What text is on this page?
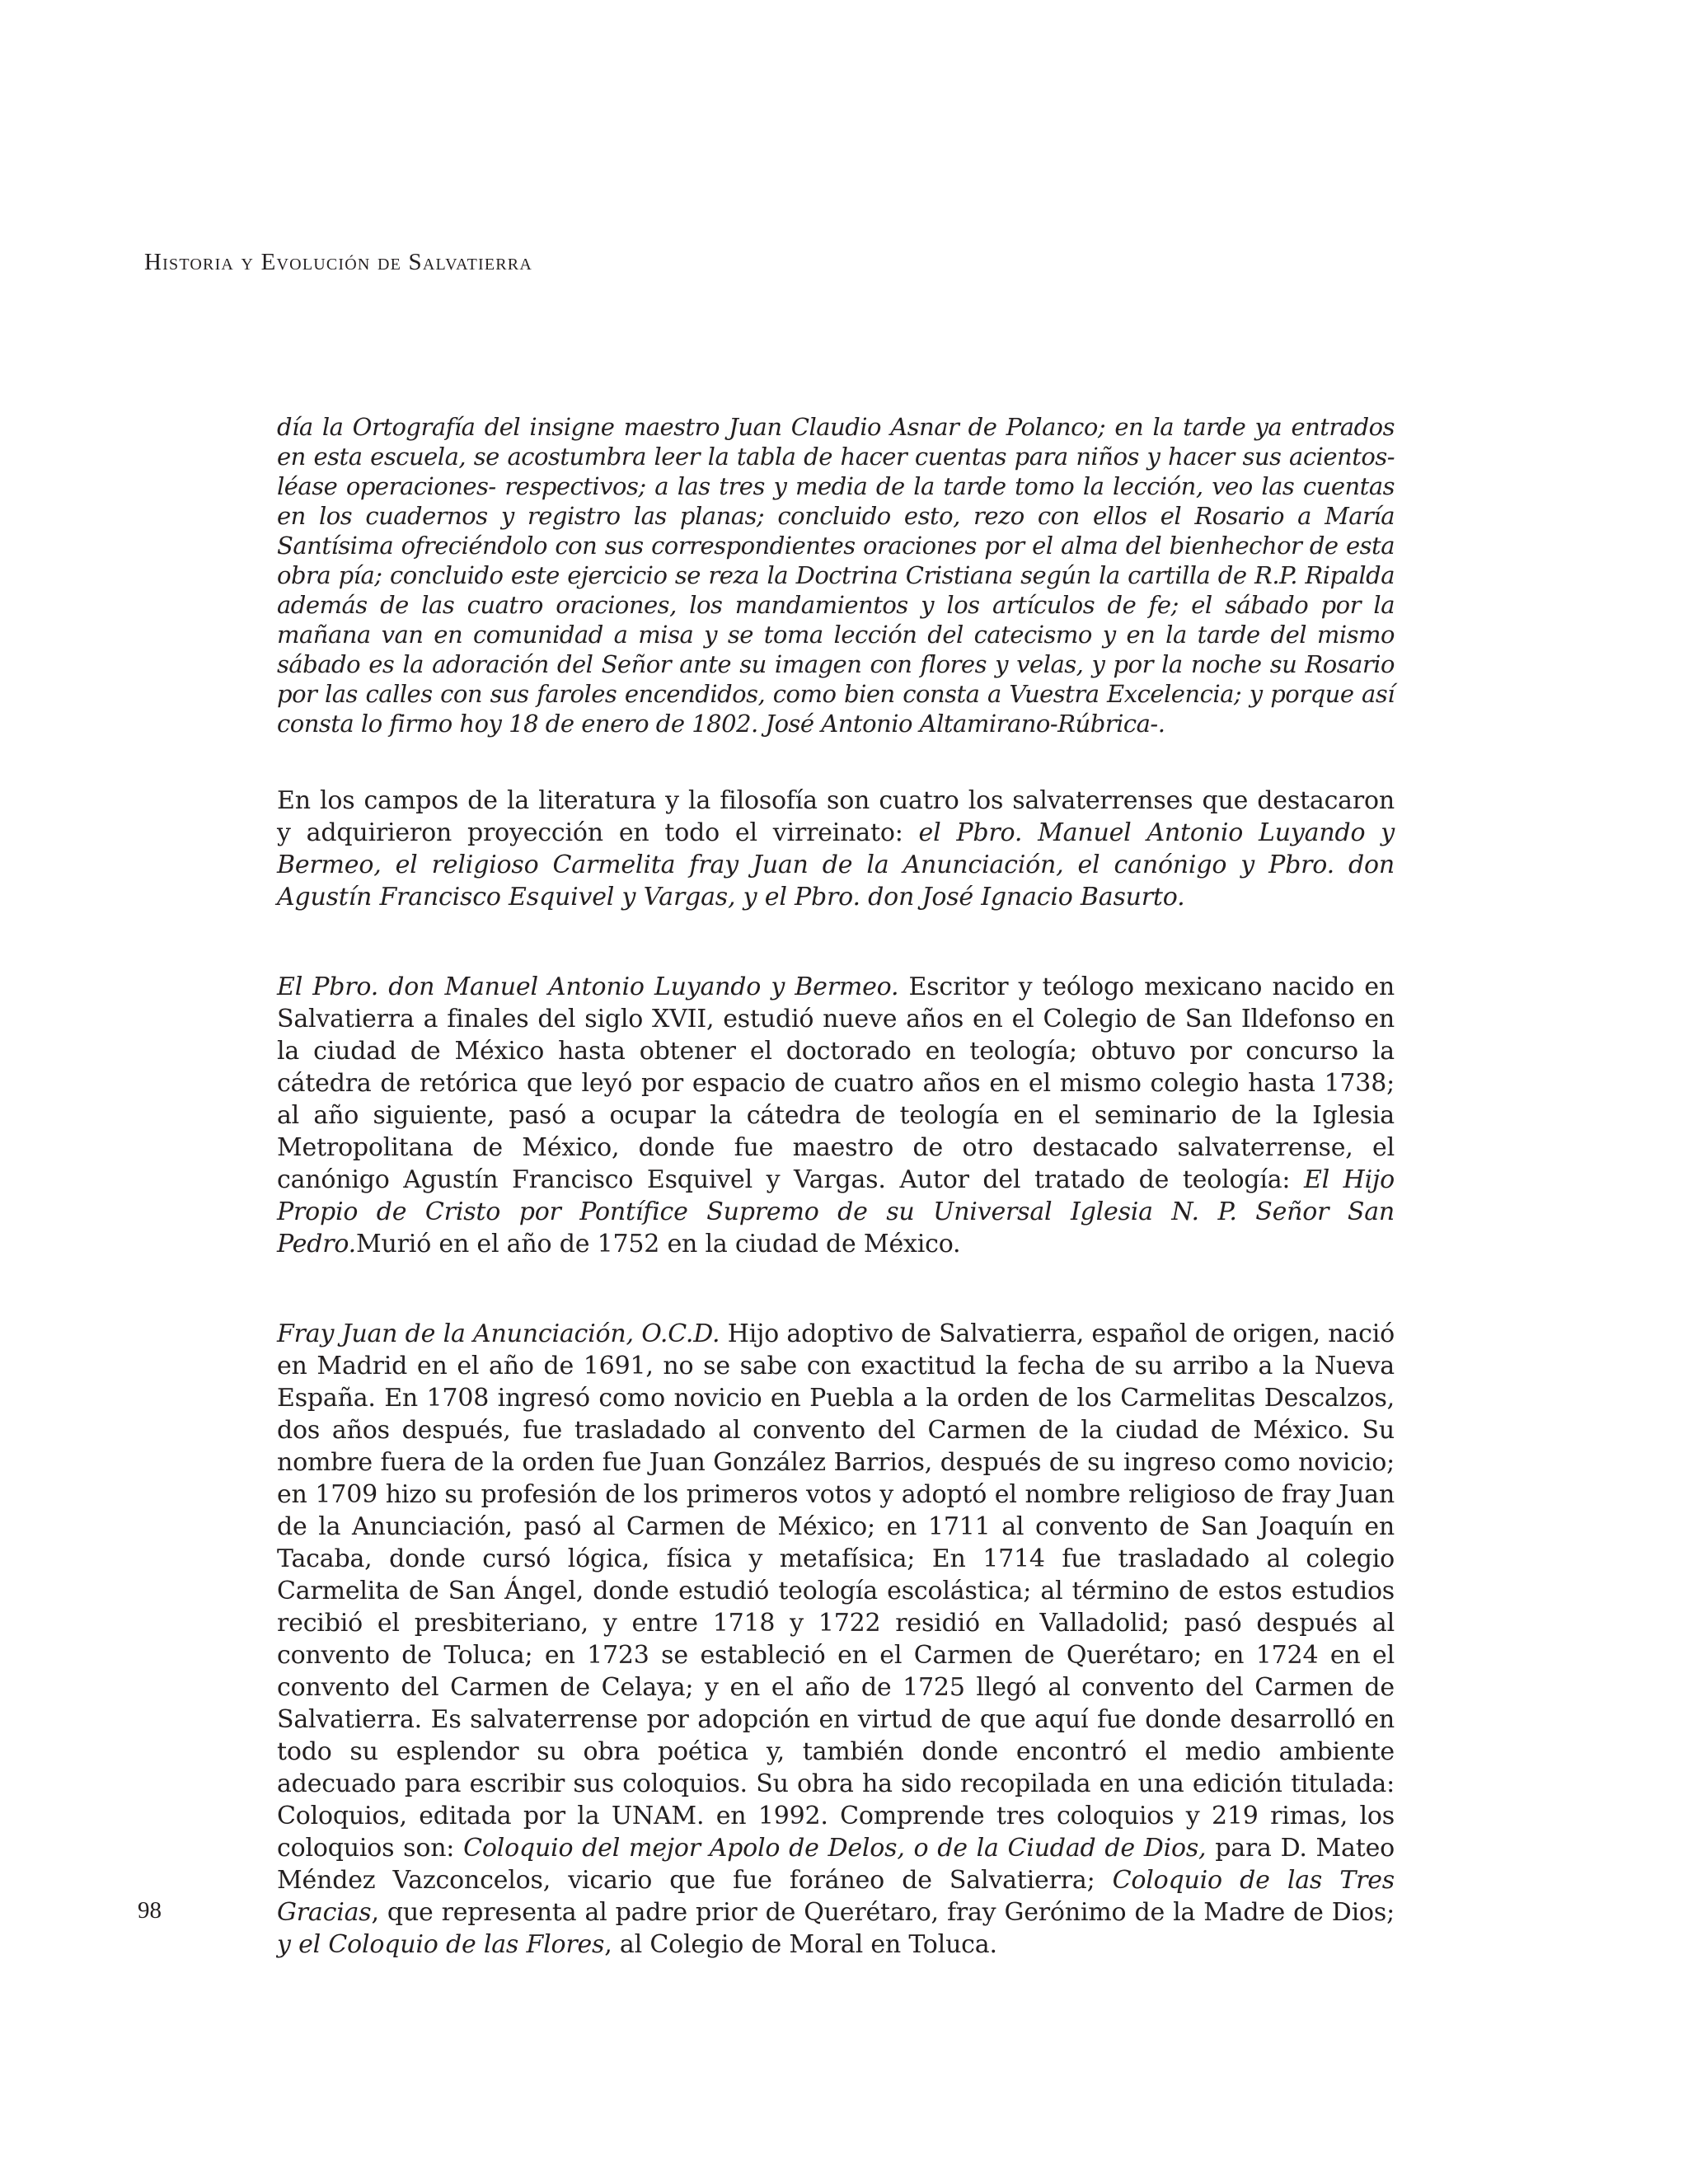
Historia y Evolución de Salvatierra

día la Ortografía del insigne maestro Juan Claudio Asnar de Polanco; en la tarde ya entrados en esta escuela, se acostumbra leer la tabla de hacer cuentas para niños y hacer sus acientos-léase operaciones- respectivos; a las tres y media de la tarde tomo la lección, veo las cuentas en los cuadernos y registro las planas; concluido esto, rezo con ellos el Rosario a María Santísima ofreciéndolo con sus correspondientes oraciones por el alma del bienhechor de esta obra pía; concluido este ejercicio se reza la Doctrina Cristiana según la cartilla de R.P. Ripalda además de las cuatro oraciones, los mandamientos y los artículos de fe; el sábado por la mañana van en comunidad a misa y se toma lección del catecismo y en la tarde del mismo sábado es la adoración del Señor ante su imagen con flores y velas, y por la noche su Rosario por las calles con sus faroles encendidos, como bien consta a Vuestra Excelencia; y porque así consta lo firmo hoy 18 de enero de 1802. José Antonio Altamirano-Rúbrica-.

En los campos de la literatura y la filosofía son cuatro los salvaterrenses que destacaron y adquirieron proyección en todo el virreinato: el Pbro. Manuel Antonio Luyando y Bermeo, el religioso Carmelita fray Juan de la Anunciación, el canónigo y Pbro. don Agustín Francisco Esquivel y Vargas, y el Pbro. don José Ignacio Basurto.

El Pbro. don Manuel Antonio Luyando y Bermeo. Escritor y teólogo mexicano nacido en Salvatierra a finales del siglo XVII, estudió nueve años en el Colegio de San Ildefonso en la ciudad de México hasta obtener el doctorado en teología; obtuvo por concurso la cátedra de retórica que leyó por espacio de cuatro años en el mismo colegio hasta 1738; al año siguiente, pasó a ocupar la cátedra de teología en el seminario de la Iglesia Metropolitana de México, donde fue maestro de otro destacado salvaterrense, el canónigo Agustín Francisco Esquivel y Vargas. Autor del tratado de teología: El Hijo Propio de Cristo por Pontífice Supremo de su Universal Iglesia N. P. Señor San Pedro.Murió en el año de 1752 en la ciudad de México.

Fray Juan de la Anunciación, O.C.D. Hijo adoptivo de Salvatierra, español de origen, nació en Madrid en el año de 1691, no se sabe con exactitud la fecha de su arribo a la Nueva España. En 1708 ingresó como novicio en Puebla a la orden de los Carmelitas Descalzos, dos años después, fue trasladado al convento del Carmen de la ciudad de México. Su nombre fuera de la orden fue Juan González Barrios, después de su ingreso como novicio; en 1709 hizo su profesión de los primeros votos y adoptó el nombre religioso de fray Juan de la Anunciación, pasó al Carmen de México; en 1711 al convento de San Joaquín en Tacaba, donde cursó lógica, física y metafísica; En 1714 fue trasladado al colegio Carmelita de San Ángel, donde estudió teología escolástica; al término de estos estudios recibió el presbiteriano, y entre 1718 y 1722 residió en Valladolid; pasó después al convento de Toluca; en 1723 se estableció en el Carmen de Querétaro; en 1724 en el convento del Carmen de Celaya; y en el año de 1725 llegó al convento del Carmen de Salvatierra. Es salvaterrense por adopción en virtud de que aquí fue donde desarrolló en todo su esplendor su obra poética y, también donde encontró el medio ambiente adecuado para escribir sus coloquios. Su obra ha sido recopilada en una edición titulada: Coloquios, editada por la UNAM. en 1992. Comprende tres coloquios y 219 rimas, los coloquios son: Coloquio del mejor Apolo de Delos, o de la Ciudad de Dios, para D. Mateo Méndez Vazconcelos, vicario que fue foráneo de Salvatierra; Coloquio de las Tres Gracias, que representa al padre prior de Querétaro, fray Gerónimo de la Madre de Dios; y el Coloquio de las Flores, al Colegio de Moral en Toluca.

98
